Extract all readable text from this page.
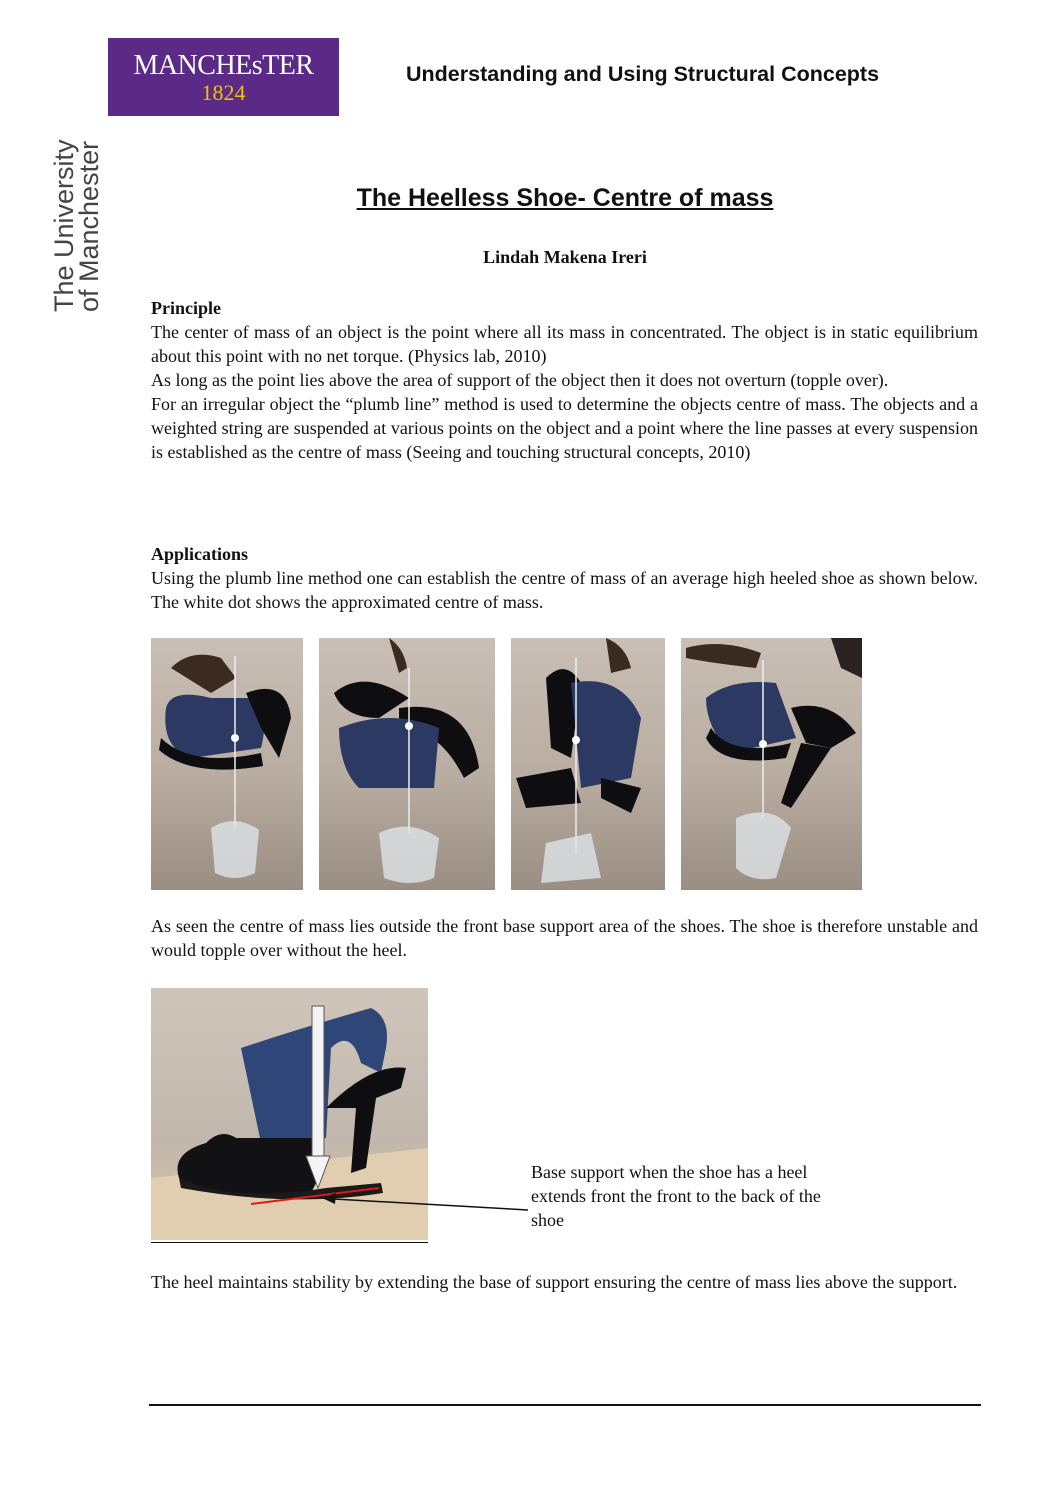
MANCHEsTER
1824
The University
of Manchester
Understanding and Using Structural Concepts
The Heelless Shoe- Centre of mass
Lindah Makena Ireri
Principle

The center of mass of an object is the point where all its mass in concentrated. The object is in static equilibrium about this point with no net torque. (Physics lab, 2010)

As long as the point lies above the area of support of the object then it does not overturn (topple over).

For an irregular object the “plumb line” method is used to determine the objects centre of mass. The objects and a weighted string are suspended at various points on the object and a point where the line passes at every suspension is established as the centre of mass (Seeing and touching structural concepts, 2010)

Applications

Using the plumb line method one can establish the centre of mass of an average high heeled shoe as shown below. The white dot shows the approximated centre of mass.

As seen the centre of mass lies outside the front base support area of the shoes. The shoe is therefore unstable and would topple over without the heel.

Base support when the shoe has a heel extends front the front to the back of the shoe

The heel maintains stability by extending the base of support ensuring the centre of mass lies above the support.
